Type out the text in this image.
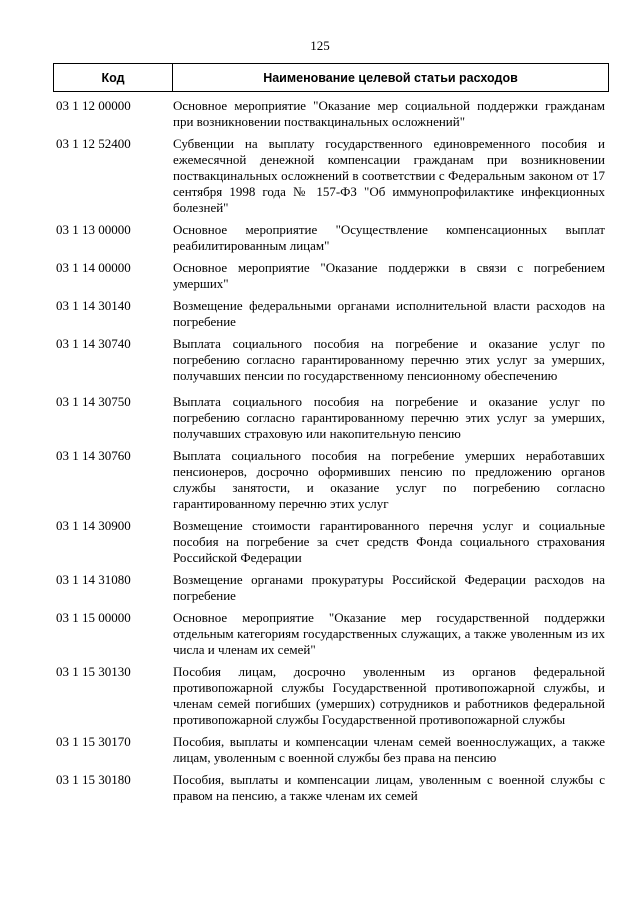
125
Код	Наименование целевой статьи расходов
03 1 12 00000	Основное мероприятие "Оказание мер социальной поддержки гражданам при возникновении поствакцинальных осложнений"
03 1 12 52400	Субвенции на выплату государственного единовременного пособия и ежемесячной денежной компенсации гражданам при возникновении поствакцинальных осложнений в соответствии с Федеральным законом от 17 сентября 1998 года № 157-ФЗ "Об иммунопрофилактике инфекционных болезней"
03 1 13 00000	Основное мероприятие "Осуществление компенсационных выплат реабилитированным лицам"
03 1 14 00000	Основное мероприятие "Оказание поддержки в связи с погребением умерших"
03 1 14 30140	Возмещение федеральными органами исполнительной власти расходов на погребение
03 1 14 30740	Выплата социального пособия на погребение и оказание услуг по погребению согласно гарантированному перечню этих услуг за умерших, получавших пенсии по государственному пенсионному обеспечению
03 1 14 30750	Выплата социального пособия на погребение и оказание услуг по погребению согласно гарантированному перечню этих услуг за умерших, получавших страховую или накопительную пенсию
03 1 14 30760	Выплата социального пособия на погребение умерших неработавших пенсионеров, досрочно оформивших пенсию по предложению органов службы занятости, и оказание услуг по погребению согласно гарантированному перечню этих услуг
03 1 14 30900	Возмещение стоимости гарантированного перечня услуг и социальные пособия на погребение за счет средств Фонда социального страхования Российской Федерации
03 1 14 31080	Возмещение органами прокуратуры Российской Федерации расходов на погребение
03 1 15 00000	Основное мероприятие "Оказание мер государственной поддержки отдельным категориям государственных служащих, а также уволенным из их числа и членам их семей"
03 1 15 30130	Пособия лицам, досрочно уволенным из органов федеральной противопожарной службы Государственной противопожарной службы, и членам семей погибших (умерших) сотрудников и работников федеральной противопожарной службы Государственной противопожарной службы
03 1 15 30170	Пособия, выплаты и компенсации членам семей военнослужащих, а также лицам, уволенным с военной службы без права на пенсию
03 1 15 30180	Пособия, выплаты и компенсации лицам, уволенным с военной службы с правом на пенсию, а также членам их семей
